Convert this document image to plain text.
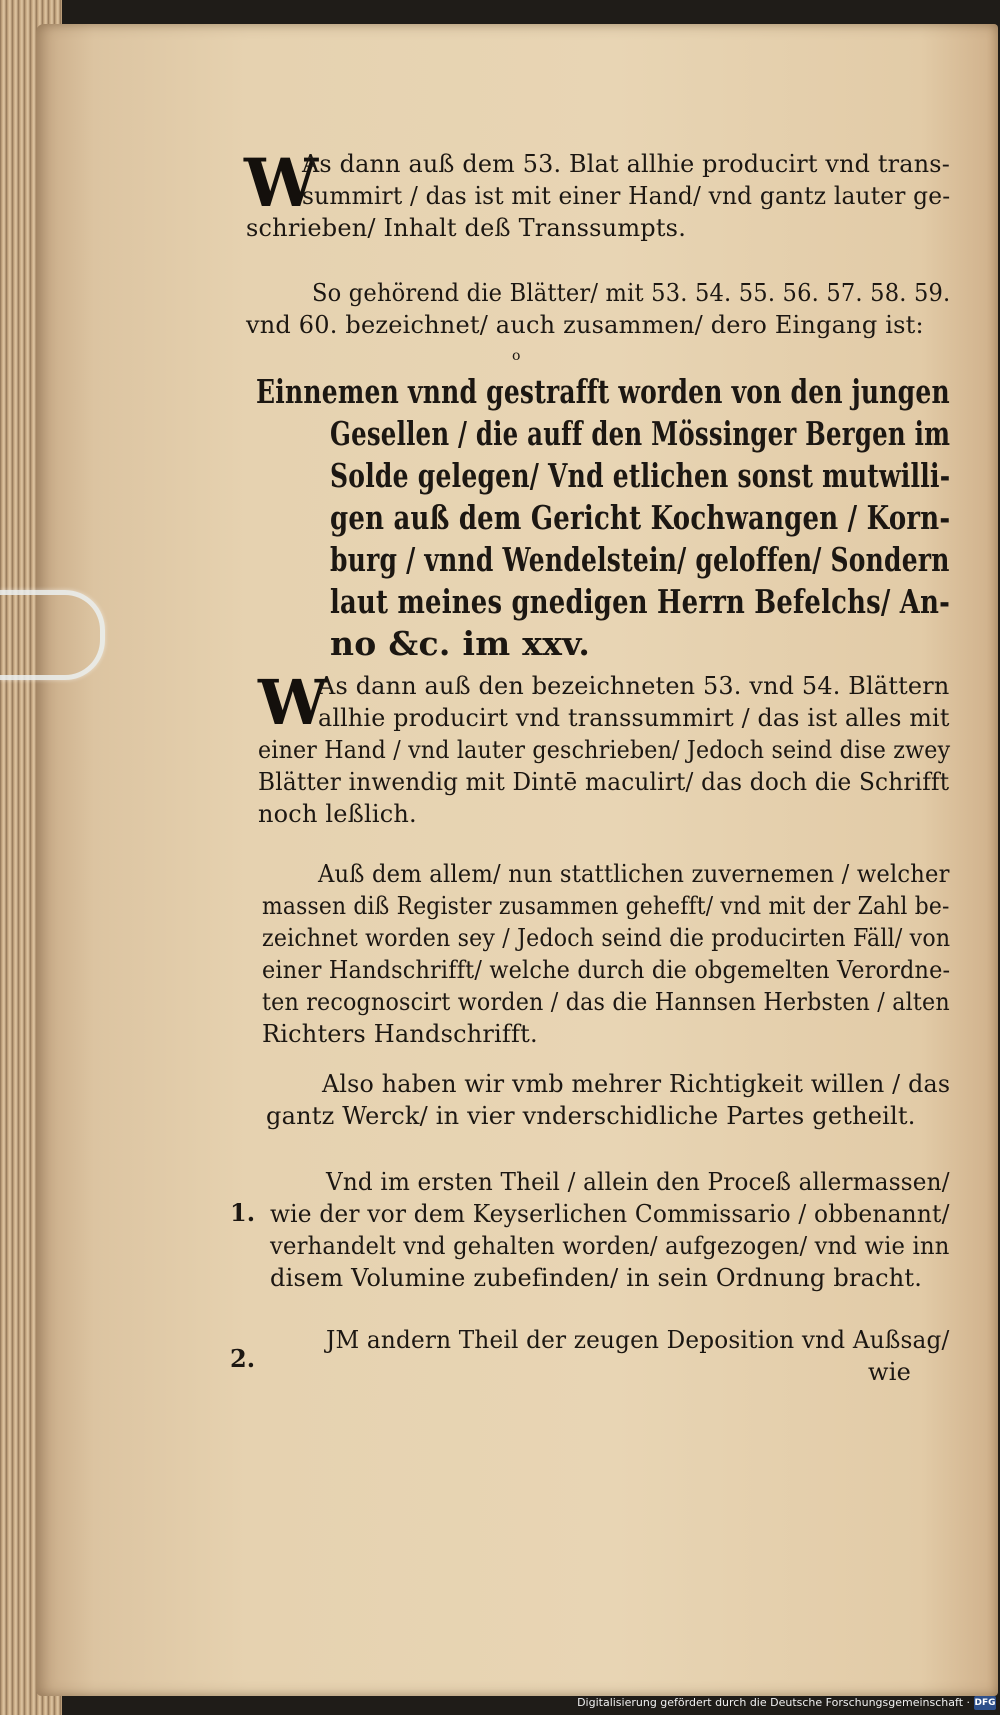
W
As dann auß dem 53. Blat allhie producirt vnd trans-
summirt / das ist mit einer Hand/ vnd gantz lauter ge-
schrieben/ Inhalt deß Transsumpts.
So gehörend die Blätter/ mit 53. 54. 55. 56. 57. 58. 59.
vnd 60. bezeichnet/ auch zusammen/ dero Eingang ist:
o
Einnemen vnnd gestrafft worden von den jungen
Gesellen / die auff den Mössinger Bergen im
Solde gelegen/ Vnd etlichen sonst mutwilli-
gen auß dem Gericht Kochwangen / Korn-
burg / vnnd Wendelstein/ geloffen/ Sondern
laut meines gnedigen Herrn Befelchs/ An-
no &c. im xxv.
W
As dann auß den bezeichneten 53. vnd 54. Blättern
allhie producirt vnd transsummirt / das ist alles mit
einer Hand / vnd lauter geschrieben/ Jedoch seind dise zwey
Blätter inwendig mit Dintē maculirt/ das doch die Schrifft
noch leßlich.
Auß dem allem/ nun stattlichen zuvernemen / welcher
massen diß Register zusammen gehefft/ vnd mit der Zahl be-
zeichnet worden sey / Jedoch seind die producirten Fäll/ von
einer Handschrifft/ welche durch die obgemelten Verordne-
ten recognoscirt worden / das die Hannsen Herbsten / alten
Richters Handschrifft.
Also haben wir vmb mehrer Richtigkeit willen / das
gantz Werck/ in vier vnderschidliche Partes getheilt.
1.
Vnd im ersten Theil / allein den Proceß allermassen/
wie der vor dem Keyserlichen Commissario / obbenannt/
verhandelt vnd gehalten worden/ aufgezogen/ vnd wie inn
disem Volumine zubefinden/ in sein Ordnung bracht.
2.
JM andern Theil der zeugen Deposition vnd Außsag/
wie
Digitalisierung gefördert durch die Deutsche Forschungsgemeinschaft · DFG
